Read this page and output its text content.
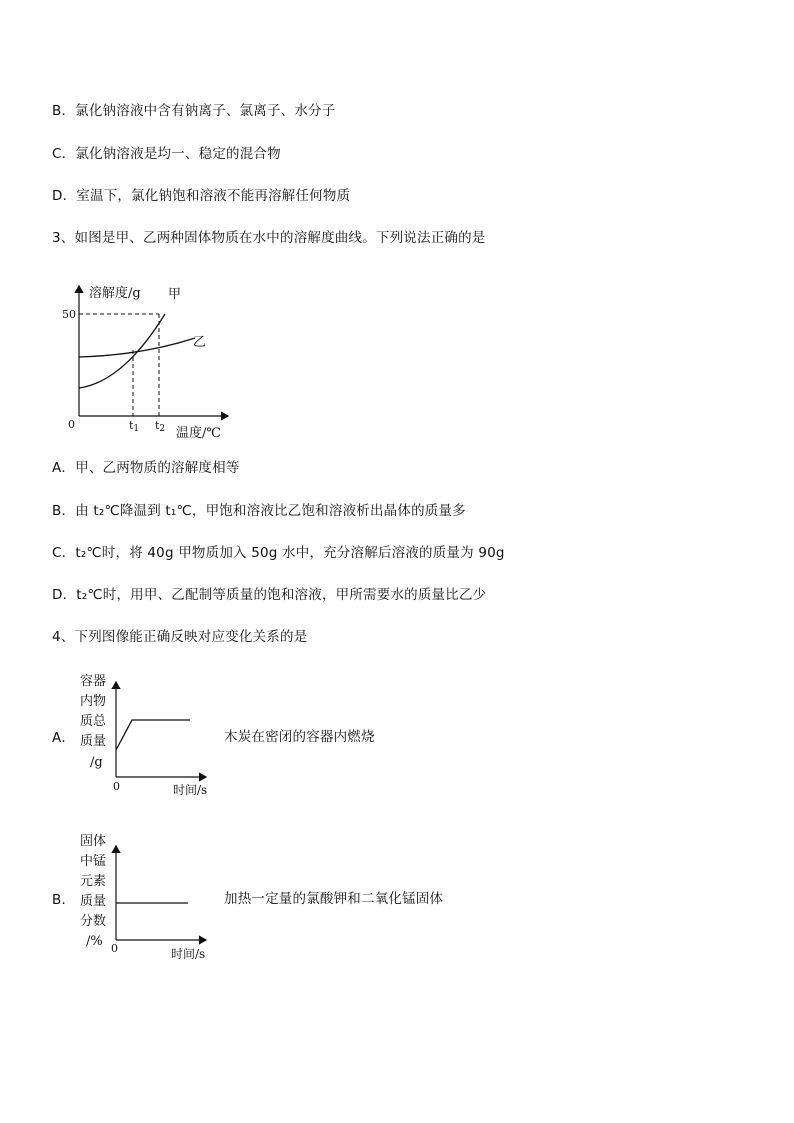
B．氯化钠溶液中含有钠离子、氯离子、水分子
C．氯化钠溶液是均一、稳定的混合物
D．室温下，氯化钠饱和溶液不能再溶解任何物质
3、如图是甲、乙两种固体物质在水中的溶解度曲线。下列说法正确的是
溶解度/g 甲
乙
50
0	t1 t2 温度/℃
A．甲、乙两物质的溶解度相等
B．由 t₂℃降温到 t₁℃，甲饱和溶液比乙饱和溶液析出晶体的质量多
C．t₂℃时，将 40g 甲物质加入 50g 水中，充分溶解后溶液的质量为 90g
D．t₂℃时，用甲、乙配制等质量的饱和溶液，甲所需要水的质量比乙少
4、下列图像能正确反映对应变化关系的是
A．
容器
内物
质总
质量
/g
0	时间/s
木炭在密闭的容器内燃烧
B．
固体
中锰
元素
质量
分数
/% 0	时间/s
加热一定量的氯酸钾和二氧化锰固体
